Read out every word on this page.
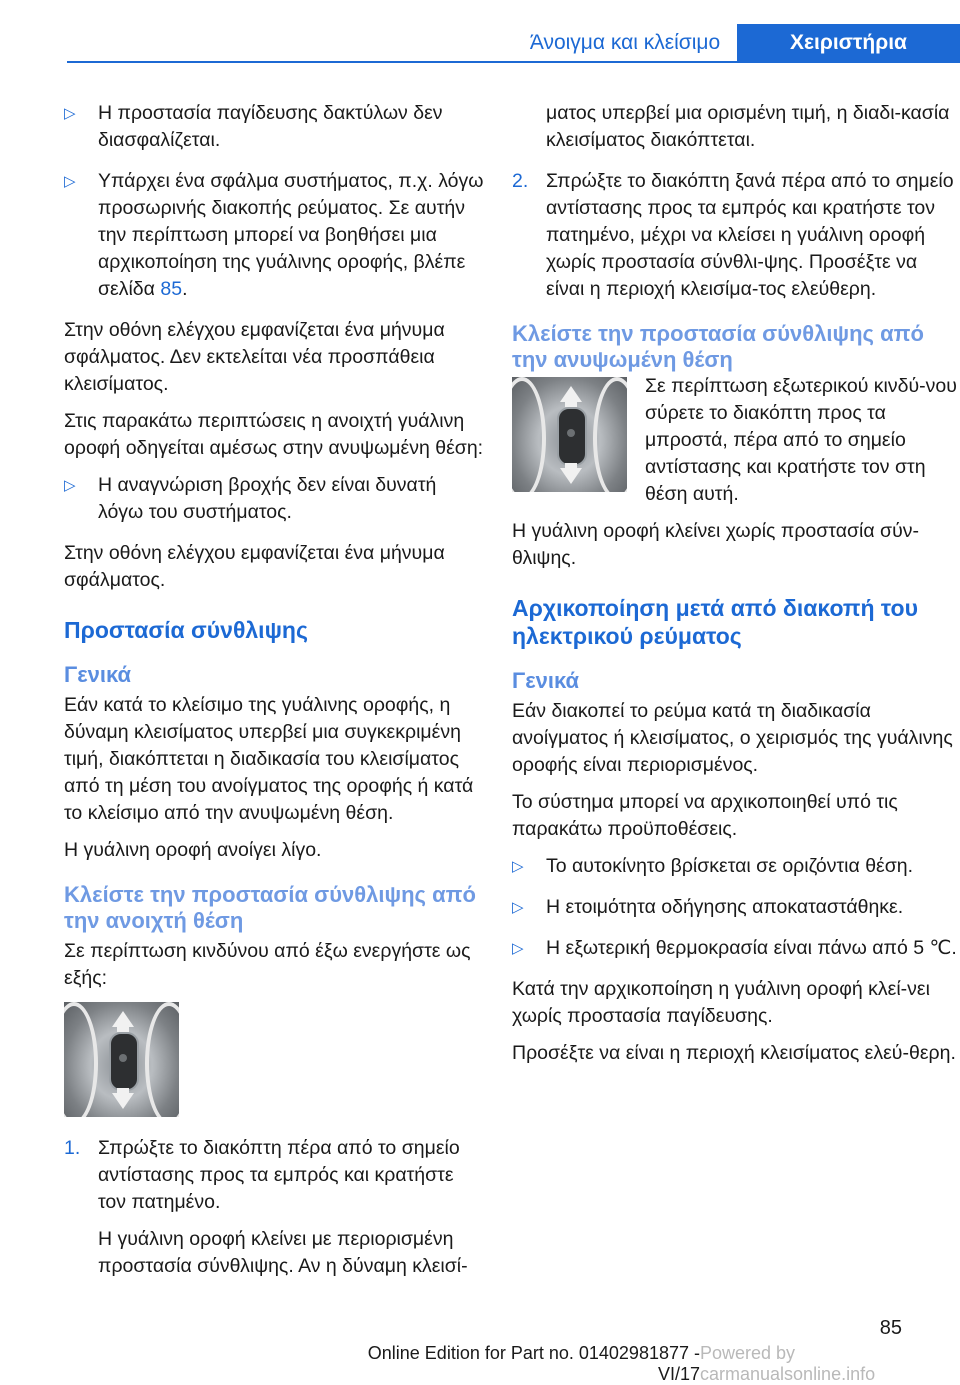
Άνοιγμα και κλείσιμο	Χειριστήρια
▷ Η προστασία παγίδευσης δακτύλων δεν διασφαλίζεται.
▷ Υπάρχει ένα σφάλμα συστήματος, π.χ. λόγω προσωρινής διακοπής ρεύματος. Σε αυτήν την περίπτωση μπορεί να βοηθήσει μια αρχικοποίηση της γυάλινης οροφής, βλέπε σελίδα 85.

Στην οθόνη ελέγχου εμφανίζεται ένα μήνυμα σφάλματος. Δεν εκτελείται νέα προσπάθεια κλεισίματος.

Στις παρακάτω περιπτώσεις η ανοιχτή γυάλινη οροφή οδηγείται αμέσως στην ανυψωμένη θέση:

▷ Η αναγνώριση βροχής δεν είναι δυνατή λόγω του συστήματος.

Στην οθόνη ελέγχου εμφανίζεται ένα μήνυμα σφάλματος.

Προστασία σύνθλιψης
Γενικά

Εάν κατά το κλείσιμο της γυάλινης οροφής, η δύναμη κλεισίματος υπερβεί μια συγκεκριμένη τιμή, διακόπτεται η διαδικασία του κλεισίματος από τη μέση του ανοίγματος της οροφής ή κατά το κλείσιμο από την ανυψωμένη θέση.

Η γυάλινη οροφή ανοίγει λίγο.

Κλείστε την προστασία σύνθλιψης από την ανοιχτή θέση

Σε περίπτωση κινδύνου από έξω ενεργήστε ως εξής:

1. Σπρώξτε το διακόπτη πέρα από το σημείο αντίστασης προς τα εμπρός και κρατήστε τον πατημένο.

Η γυάλινη οροφή κλείνει με περιορισμένη προστασία σύνθλιψης. Αν η δύναμη κλεισί-

ματος υπερβεί μια ορισμένη τιμή, η διαδι-κασία κλεισίματος διακόπτεται.

2. Σπρώξτε το διακόπτη ξανά πέρα από το σημείο αντίστασης προς τα εμπρός και κρατήστε τον πατημένο, μέχρι να κλείσει η γυάλινη οροφή χωρίς προστασία σύνθλι-ψης. Προσέξτε να είναι η περιοχή κλεισίμα-τος ελεύθερη.

Κλείστε την προστασία σύνθλιψης από την ανυψωμένη θέση

Σε περίπτωση εξωτερικού κινδύ-νου σύρετε το διακόπτη προς τα μπροστά, πέρα από το σημείο αντίστασης και κρατήστε τον στη θέση αυτή.

Η γυάλινη οροφή κλείνει χωρίς προστασία σύν-θλιψης.

Αρχικοποίηση μετά από διακοπή του ηλεκτρικού ρεύματος
Γενικά

Εάν διακοπεί το ρεύμα κατά τη διαδικασία ανοίγματος ή κλεισίματος, ο χειρισμός της γυάλινης οροφής είναι περιορισμένος.

Το σύστημα μπορεί να αρχικοποιηθεί υπό τις παρακάτω προϋποθέσεις.

▷ Το αυτοκίνητο βρίσκεται σε οριζόντια θέση.
▷ Η ετοιμότητα οδήγησης αποκαταστάθηκε.
▷ Η εξωτερική θερμοκρασία είναι πάνω από 5 ℃.

Κατά την αρχικοποίηση η γυάλινη οροφή κλεί-νει χωρίς προστασία παγίδευσης.

Προσέξτε να είναι η περιοχή κλεισίματος ελεύ-θερη.

85
Online Edition for Part no. 01402981877 - VI/17
Powered by carmanualsonline.info
